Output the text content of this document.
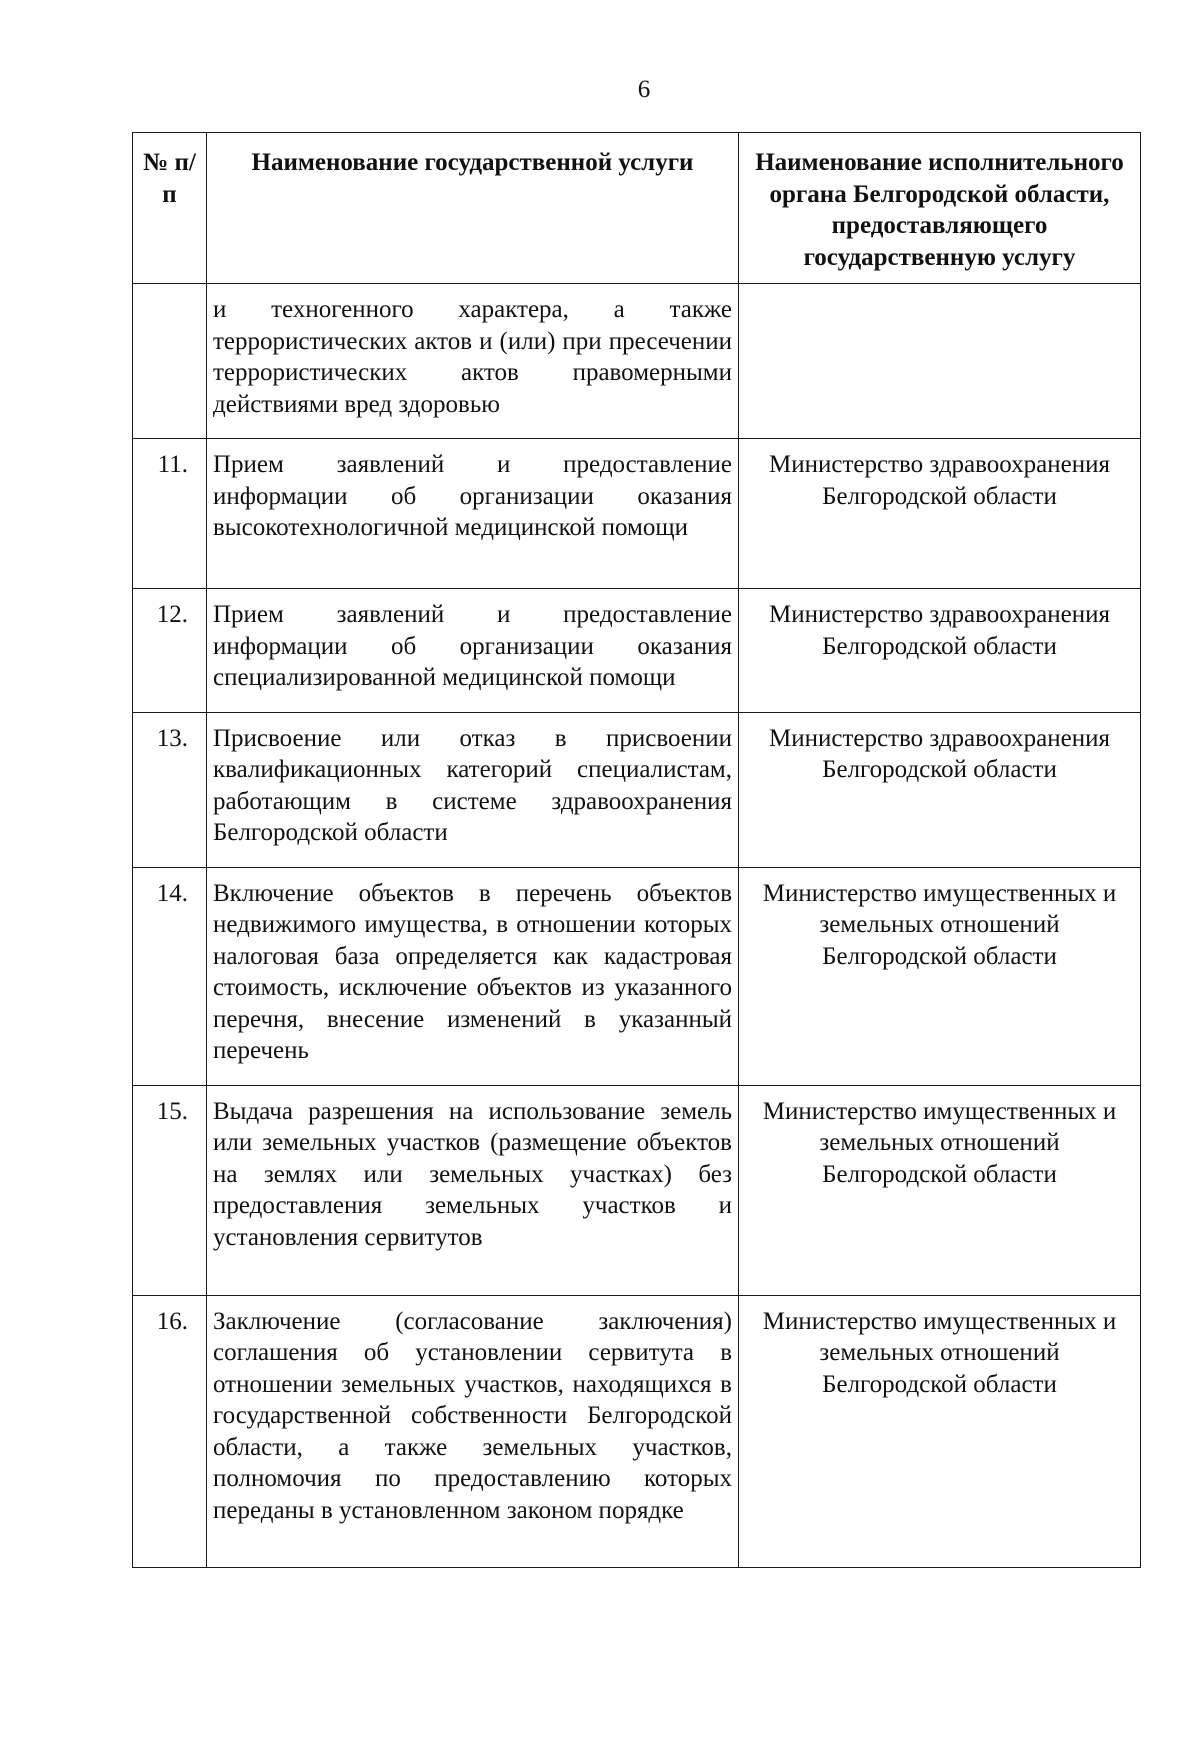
6
№ п/п	Наименование государственной услуги	Наименование исполнительного органа Белгородской области, предоставляющего государственную услугу
	и техногенного характера, а также террористических актов и (или) при пресечении террористических актов правомерными действиями вред здоровью	
11.	Прием заявлений и предоставление информации об организации оказания высокотехнологичной медицинской помощи	Министерство здравоохранения Белгородской области
12.	Прием заявлений и предоставление информации об организации оказания специализированной медицинской помощи	Министерство здравоохранения Белгородской области
13.	Присвоение или отказ в присвоении квалификационных категорий специалистам, работающим в системе здравоохранения Белгородской области	Министерство здравоохранения Белгородской области
14.	Включение объектов в перечень объектов недвижимого имущества, в отношении которых налоговая база определяется как кадастровая стоимость, исключение объектов из указанного перечня, внесение изменений в указанный перечень	Министерство имущественных и земельных отношений Белгородской области
15.	Выдача разрешения на использование земель или земельных участков (размещение объектов на землях или земельных участках) без предоставления земельных участков и установления сервитутов	Министерство имущественных и земельных отношений Белгородской области
16.	Заключение (согласование заключения) соглашения об установлении сервитута в отношении земельных участков, находящихся в государственной собственности Белгородской области, а также земельных участков, полномочия по предоставлению которых переданы в установленном законом порядке	Министерство имущественных и земельных отношений Белгородской области
